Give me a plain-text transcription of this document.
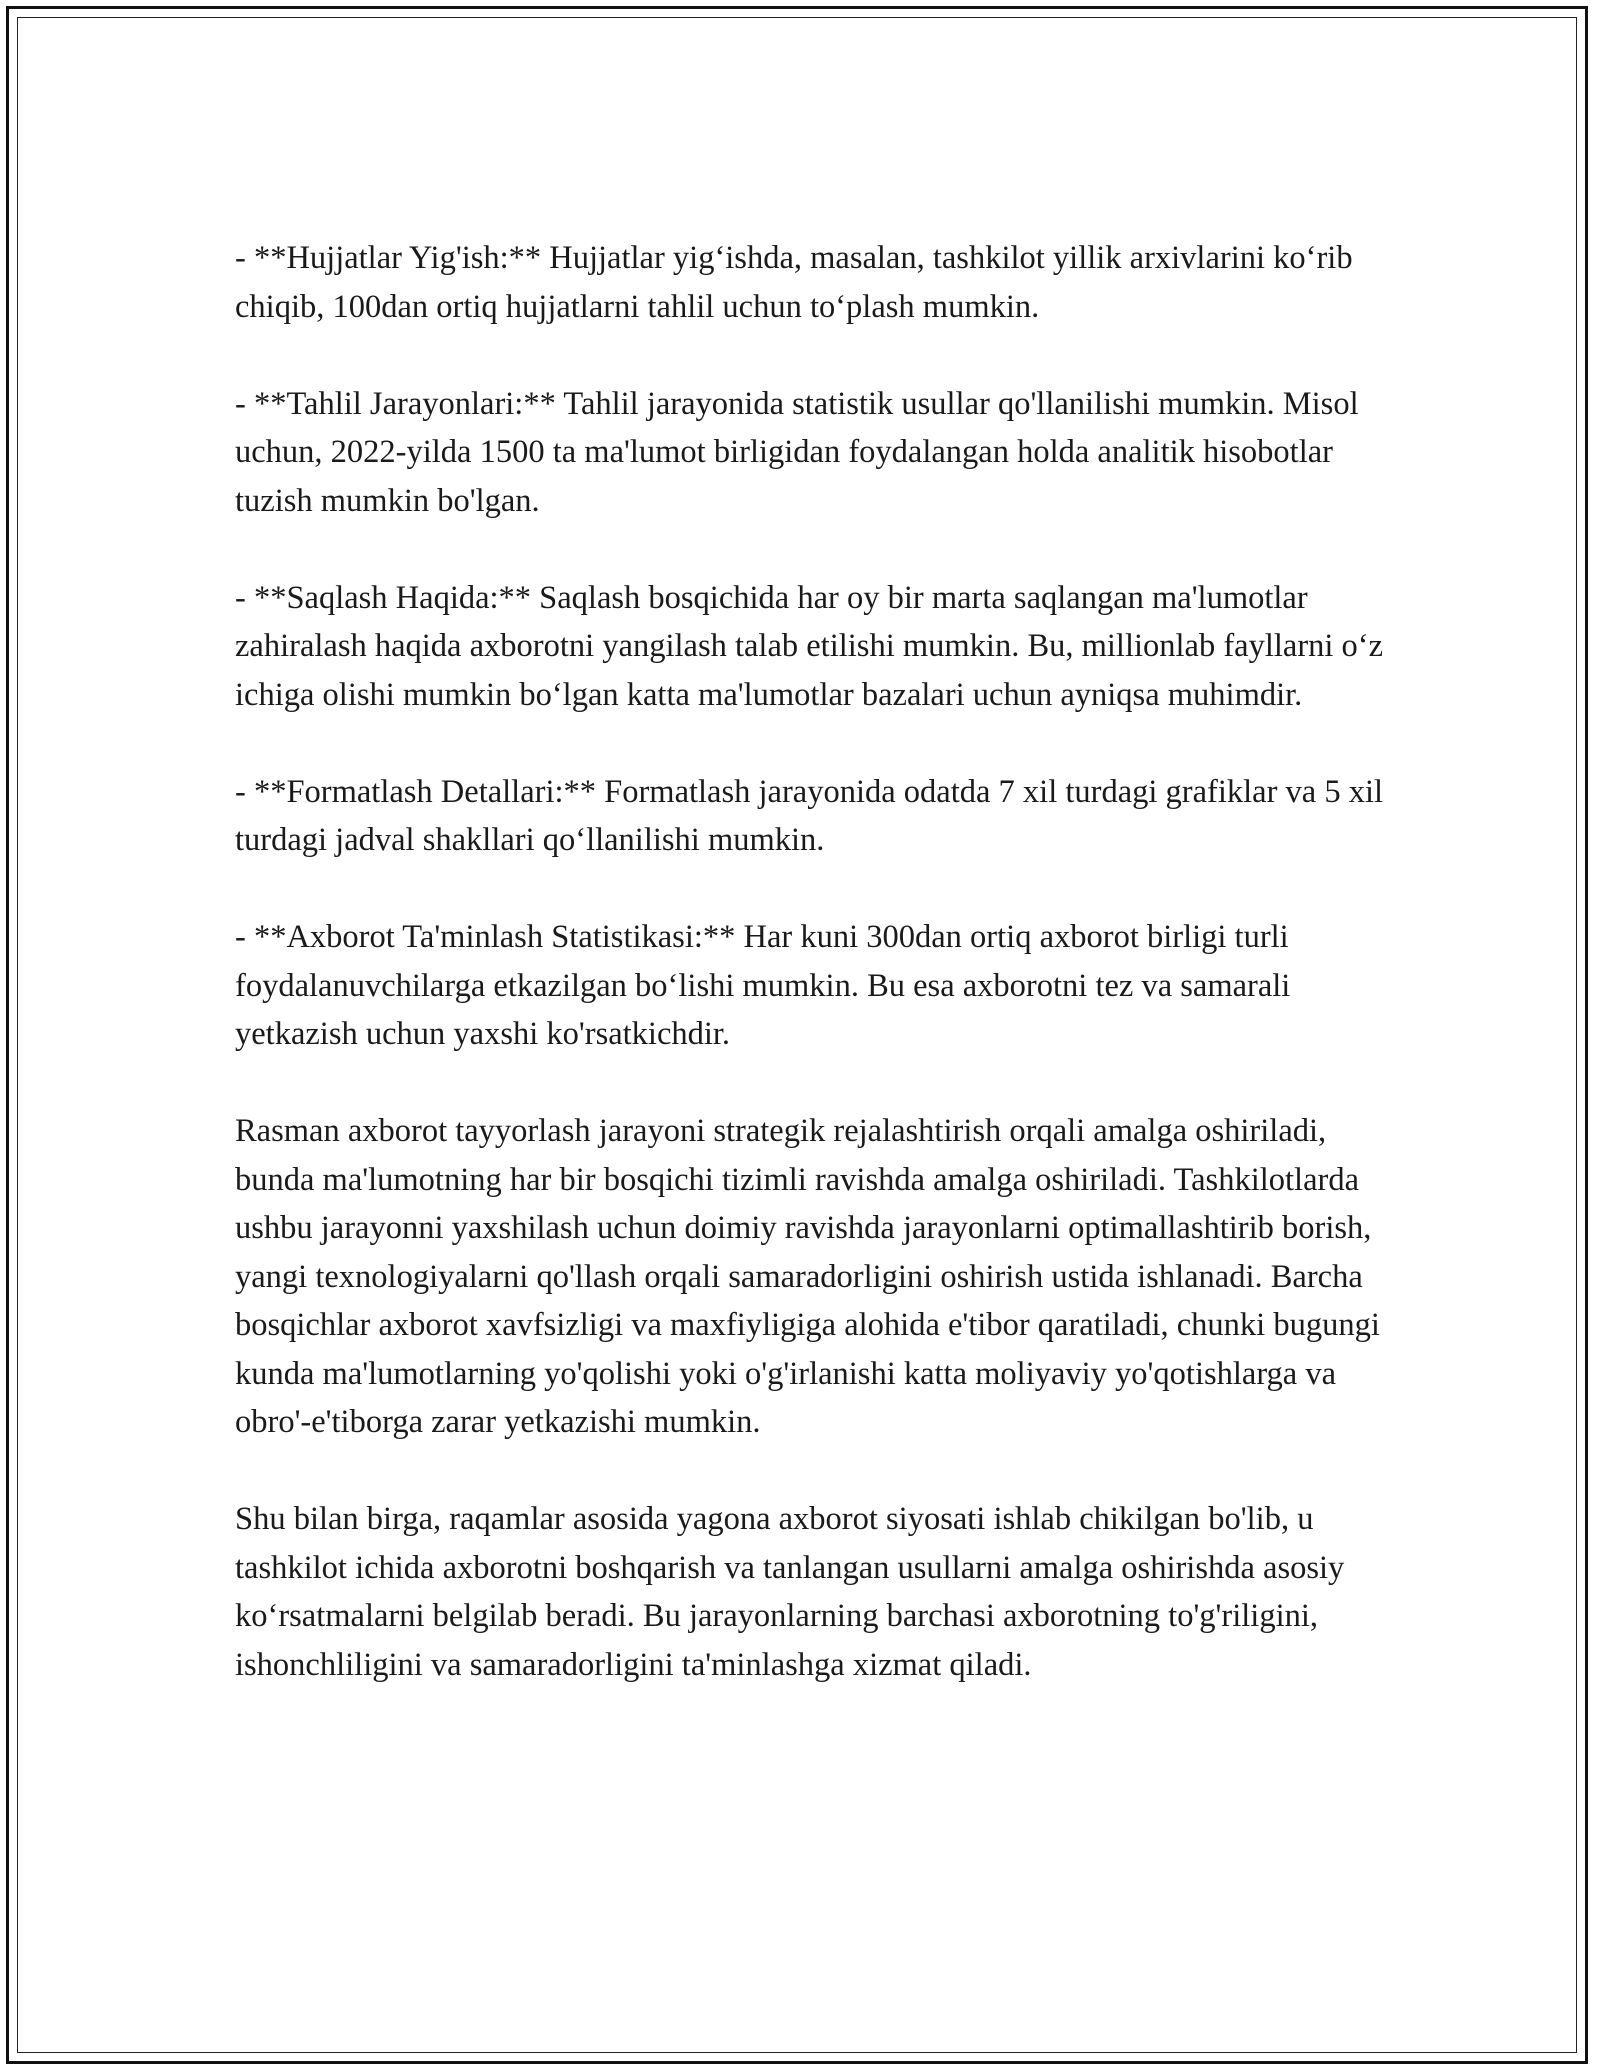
- **Hujjatlar Yig'ish:** Hujjatlar yig‘ishda, masalan, tashkilot yillik arxivlarini ko‘rib chiqib, 100dan ortiq hujjatlarni tahlil uchun to‘plash mumkin.

- **Tahlil Jarayonlari:** Tahlil jarayonida statistik usullar qo'llanilishi mumkin. Misol uchun, 2022-yilda 1500 ta ma'lumot birligidan foydalangan holda analitik hisobotlar tuzish mumkin bo'lgan.

- **Saqlash Haqida:** Saqlash bosqichida har oy bir marta saqlangan ma'lumotlar zahiralash haqida axborotni yangilash talab etilishi mumkin. Bu, millionlab fayllarni o‘z ichiga olishi mumkin bo‘lgan katta ma'lumotlar bazalari uchun ayniqsa muhimdir.

- **Formatlash Detallari:** Formatlash jarayonida odatda 7 xil turdagi grafiklar va 5 xil turdagi jadval shakllari qo‘llanilishi mumkin.

- **Axborot Ta'minlash Statistikasi:** Har kuni 300dan ortiq axborot birligi turli foydalanuvchilarga etkazilgan bo‘lishi mumkin. Bu esa axborotni tez va samarali yetkazish uchun yaxshi ko'rsatkichdir.

Rasman axborot tayyorlash jarayoni strategik rejalashtirish orqali amalga oshiriladi, bunda ma'lumotning har bir bosqichi tizimli ravishda amalga oshiriladi. Tashkilotlarda ushbu jarayonni yaxshilash uchun doimiy ravishda jarayonlarni optimallashtirib borish, yangi texnologiyalarni qo'llash orqali samaradorligini oshirish ustida ishlanadi. Barcha bosqichlar axborot xavfsizligi va maxfiyligiga alohida e'tibor qaratiladi, chunki bugungi kunda ma'lumotlarning yo'qolishi yoki o'g'irlanishi katta moliyaviy yo'qotishlarga va obro'-e'tiborga zarar yetkazishi mumkin.

Shu bilan birga, raqamlar asosida yagona axborot siyosati ishlab chikilgan bo'lib, u tashkilot ichida axborotni boshqarish va tanlangan usullarni amalga oshirishda asosiy ko‘rsatmalarni belgilab beradi. Bu jarayonlarning barchasi axborotning to'g'riligini, ishonchliligini va samaradorligini ta'minlashga xizmat qiladi.
